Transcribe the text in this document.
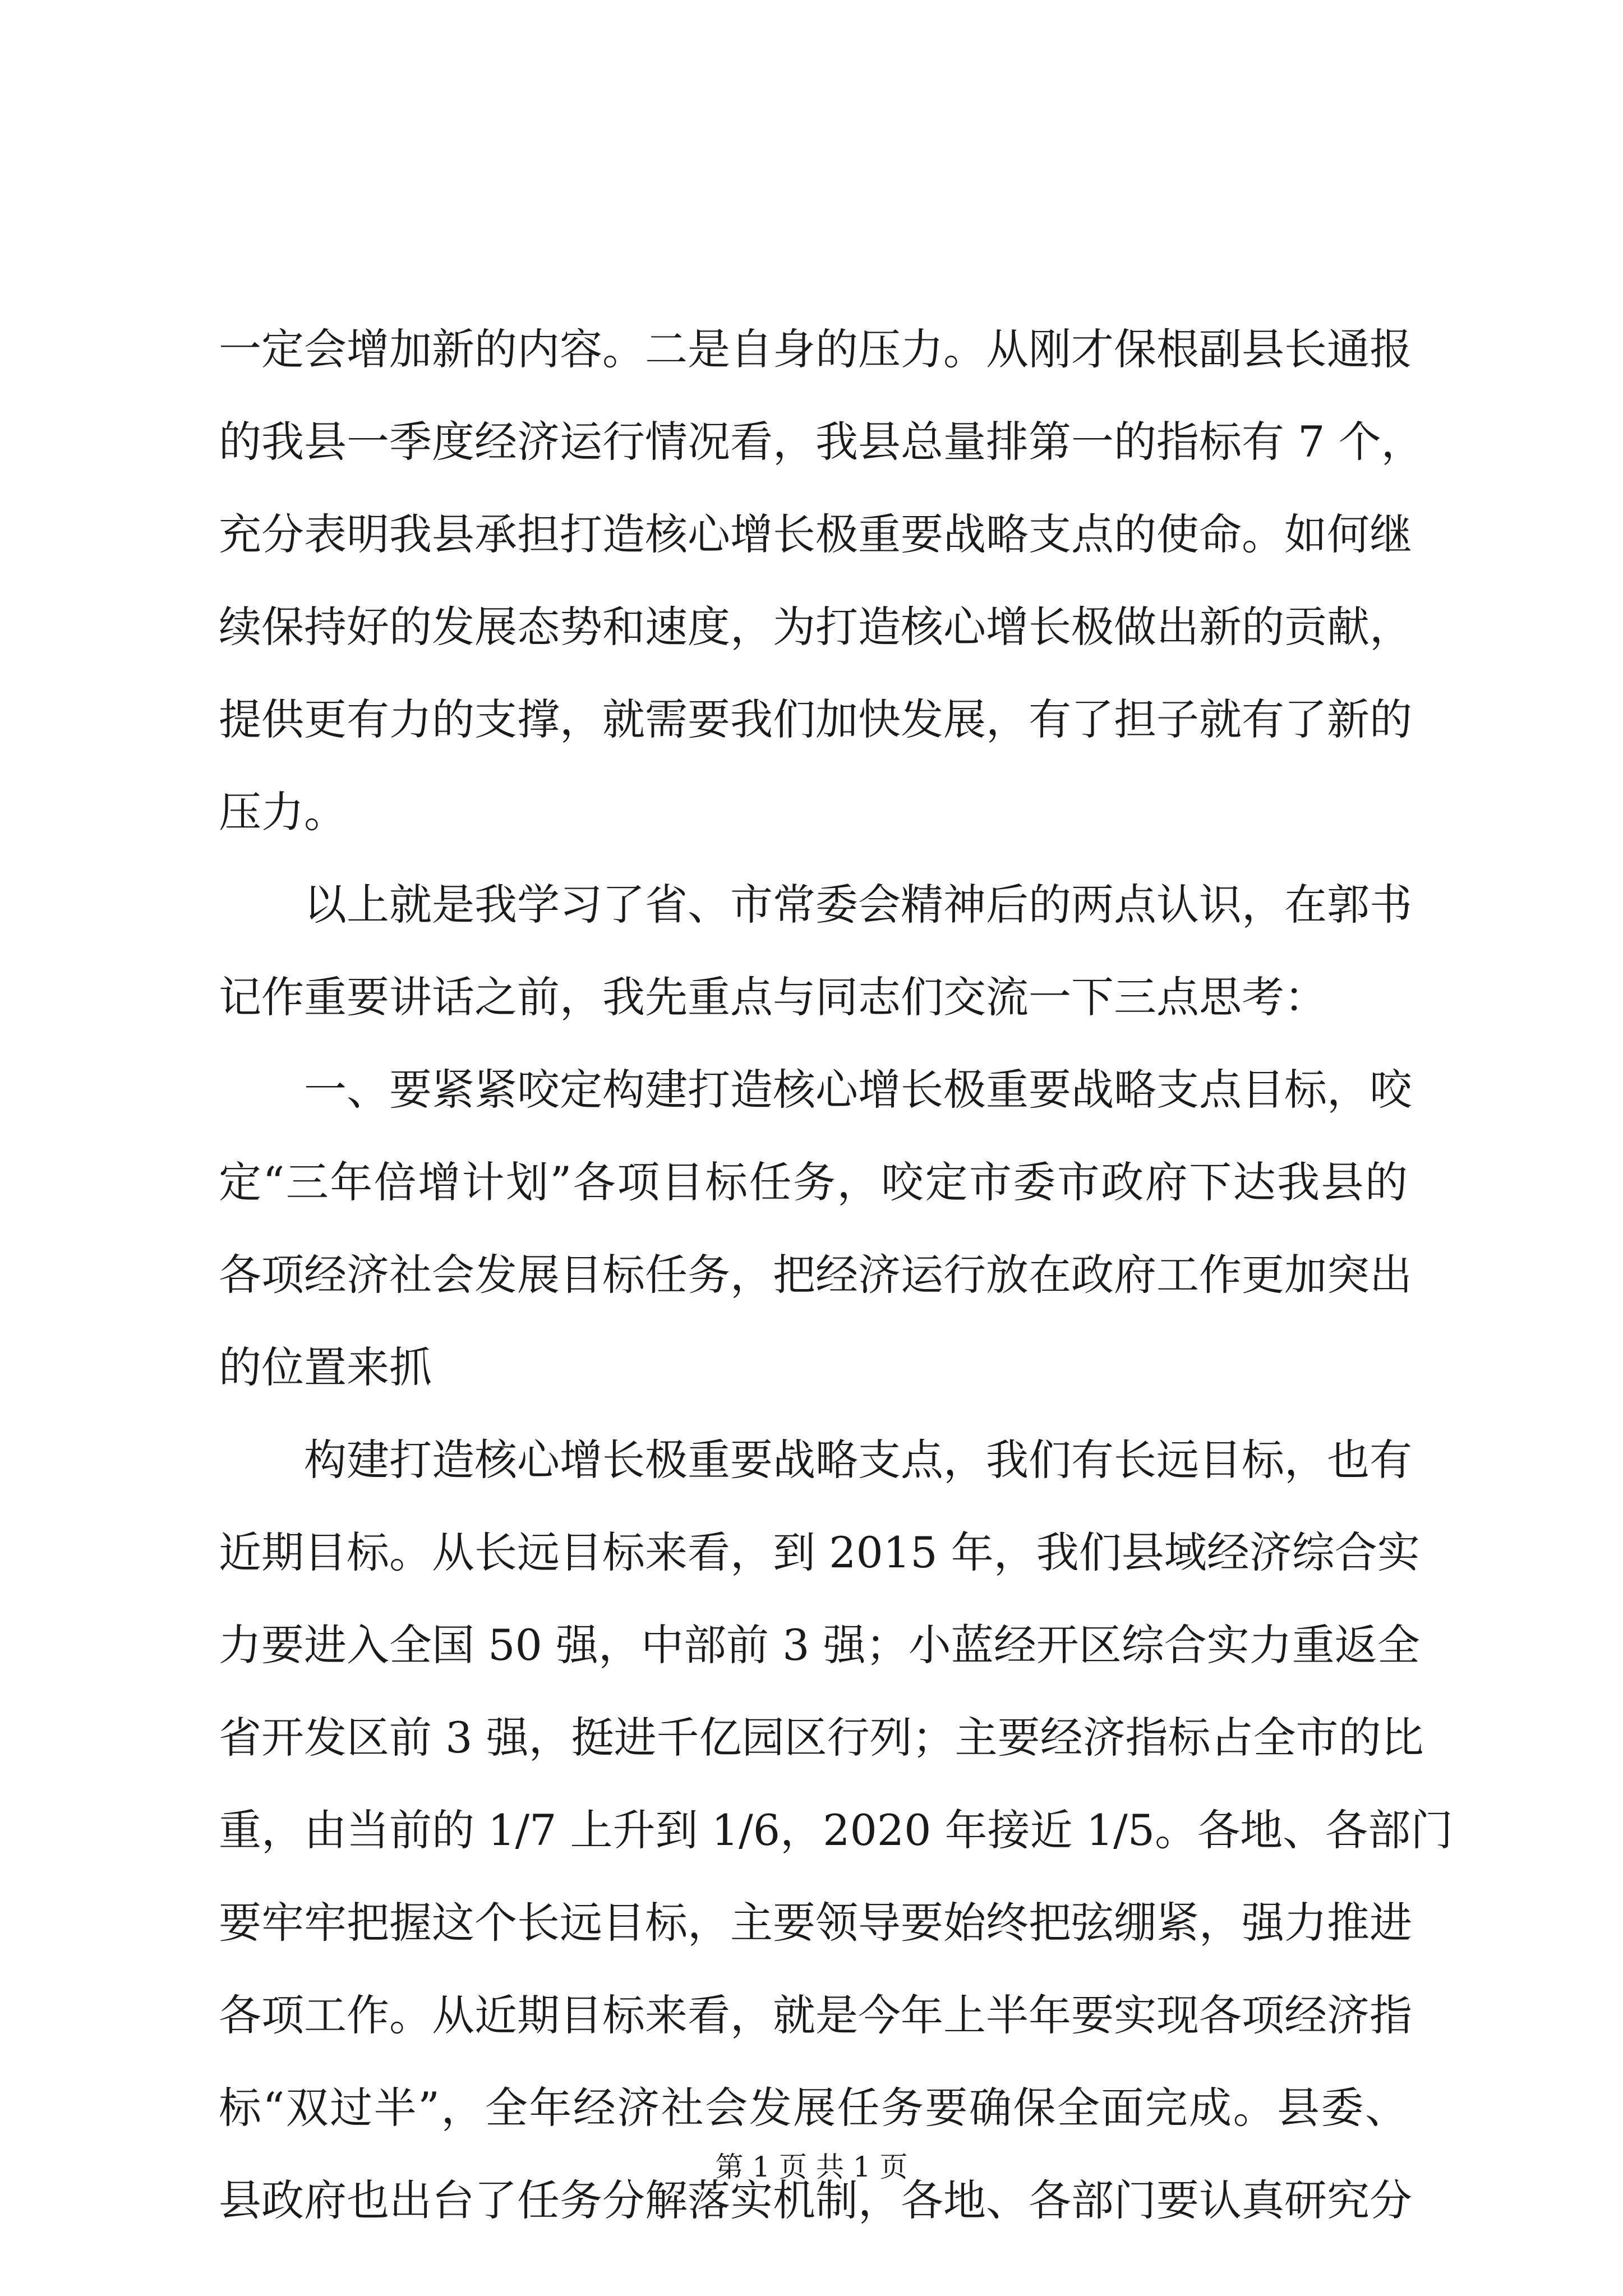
一定会增加新的内容。二是自身的压力。从刚才保根副县长通报
的我县一季度经济运行情况看，我县总量排第一的指标有 7 个，
充分表明我县承担打造核心增长极重要战略支点的使命。如何继
续保持好的发展态势和速度，为打造核心增长极做出新的贡献，
提供更有力的支撑，就需要我们加快发展，有了担子就有了新的
压力。
　　以上就是我学习了省、市常委会精神后的两点认识，在郭书
记作重要讲话之前，我先重点与同志们交流一下三点思考：
　　一、要紧紧咬定构建打造核心增长极重要战略支点目标，咬
定“三年倍增计划”各项目标任务，咬定市委市政府下达我县的
各项经济社会发展目标任务，把经济运行放在政府工作更加突出
的位置来抓
　　构建打造核心增长极重要战略支点，我们有长远目标，也有
近期目标。从长远目标来看，到 2015 年，我们县域经济综合实
力要进入全国 50 强，中部前 3 强；小蓝经开区综合实力重返全
省开发区前 3 强，挺进千亿园区行列；主要经济指标占全市的比
重，由当前的 1/7 上升到 1/6，2020 年接近 1/5。各地、各部门
要牢牢把握这个长远目标，主要领导要始终把弦绷紧，强力推进
各项工作。从近期目标来看，就是今年上半年要实现各项经济指
标“双过半”，全年经济社会发展任务要确保全面完成。县委、
县政府也出台了任务分解落实机制，各地、各部门要认真研究分
第 1 页 共 1 页
